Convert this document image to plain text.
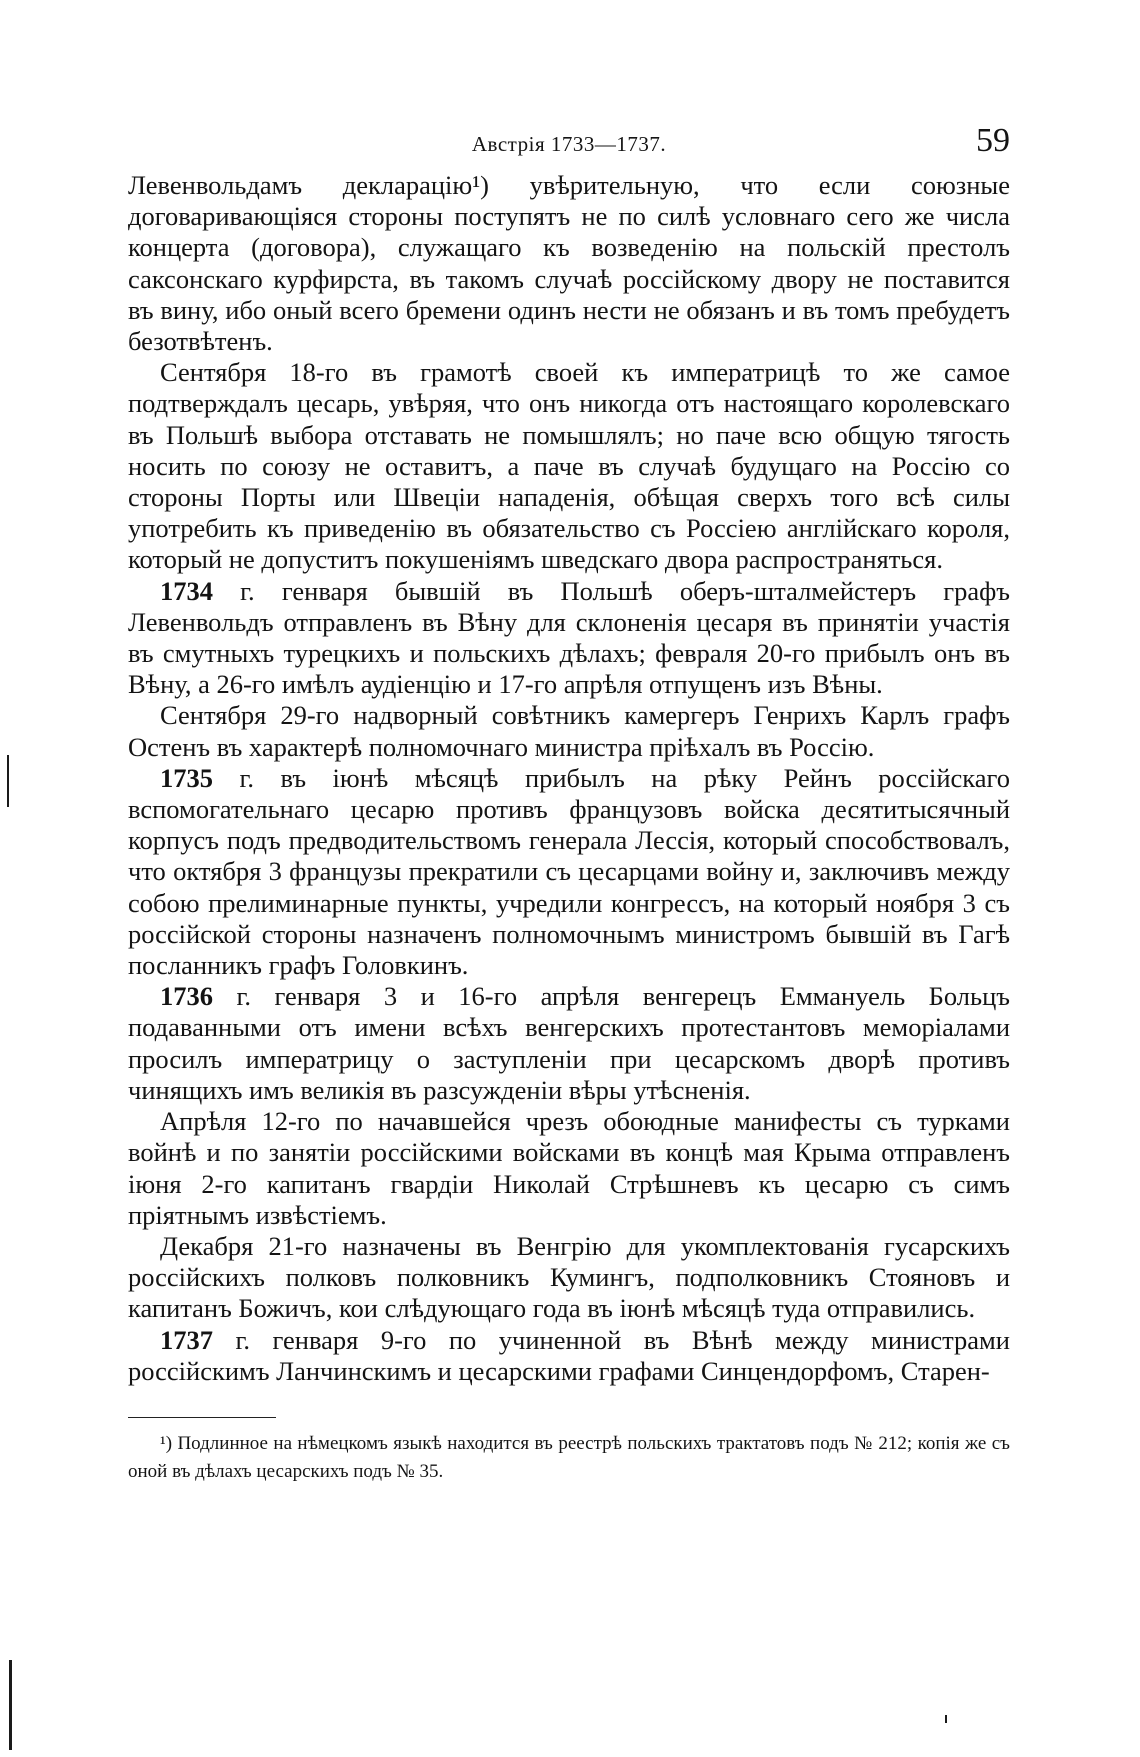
Австрія 1733—1737.	59

Левенвольдамъ декларацію¹) увѣрительную, что если союзные договаривающіяся стороны поступятъ не по силѣ условнаго сего же числа концерта (договора), служащаго къ возведенію на польскій престолъ саксонскаго курфирста, въ такомъ случаѣ россійскому двору не поставится въ вину, ибо оный всего бремени одинъ нести не обязанъ и въ томъ пребудетъ безотвѣтенъ.

Сентября 18-го въ грамотѣ своей къ императрицѣ то же самое подтверждалъ цесарь, увѣряя, что онъ никогда отъ настоящаго королевскаго въ Польшѣ выбора отставать не помышлялъ; но паче всю общую тягость носить по союзу не оставитъ, а паче въ случаѣ будущаго на Россію со стороны Порты или Швеціи нападенія, обѣщая сверхъ того всѣ силы употребить къ приведенію въ обязательство съ Россіею англійскаго короля, который не допуститъ покушеніямъ шведскаго двора распространяться.

1734 г. генваря бывшій въ Польшѣ оберъ-шталмейстеръ графъ Левенвольдъ отправленъ въ Вѣну для склоненія цесаря въ принятіи участія въ смутныхъ турецкихъ и польскихъ дѣлахъ; февраля 20-го прибылъ онъ въ Вѣну, а 26-го имѣлъ аудіенцію и 17-го апрѣля отпущенъ изъ Вѣны.

Сентября 29-го надворный совѣтникъ камергеръ Генрихъ Карлъ графъ Остенъ въ характерѣ полномочнаго министра пріѣхалъ въ Россію.

1735 г. въ іюнѣ мѣсяцѣ прибылъ на рѣку Рейнъ россійскаго вспомогательнаго цесарю противъ французовъ войска десятитысячный корпусъ подъ предводительствомъ генерала Лессія, который способствовалъ, что октября 3 французы прекратили съ цесарцами войну и, заключивъ между собою прелиминарные пункты, учредили конгрессъ, на который ноября 3 съ россійской стороны назначенъ полномочнымъ министромъ бывшій въ Гагѣ посланникъ графъ Головкинъ.

1736 г. генваря 3 и 16-го апрѣля венгерецъ Еммануель Больцъ подаванными отъ имени всѣхъ венгерскихъ протестантовъ меморіалами просилъ императрицу о заступленіи при цесарскомъ дворѣ противъ чинящихъ имъ великія въ разсужденіи вѣры утѣсненія.

Апрѣля 12-го по начавшейся чрезъ обоюдные манифесты съ турками войнѣ и по занятіи россійскими войсками въ концѣ мая Крыма отправленъ іюня 2-го капитанъ гвардіи Николай Стрѣшневъ къ цесарю съ симъ пріятнымъ извѣстіемъ.

Декабря 21-го назначены въ Венгрію для укомплектованія гусарскихъ россійскихъ полковъ полковникъ Кумингъ, подполковникъ Стояновъ и капитанъ Божичъ, кои слѣдующаго года въ іюнѣ мѣсяцѣ туда отправились.

1737 г. генваря 9-го по учиненной въ Вѣнѣ между министрами россійскимъ Ланчинскимъ и цесарскими графами Синцендорфомъ, Старен-

¹) Подлинное на нѣмецкомъ языкѣ находится въ реестрѣ польскихъ трактатовъ подъ № 212; копія же съ оной въ дѣлахъ цесарскихъ подъ № 35.
